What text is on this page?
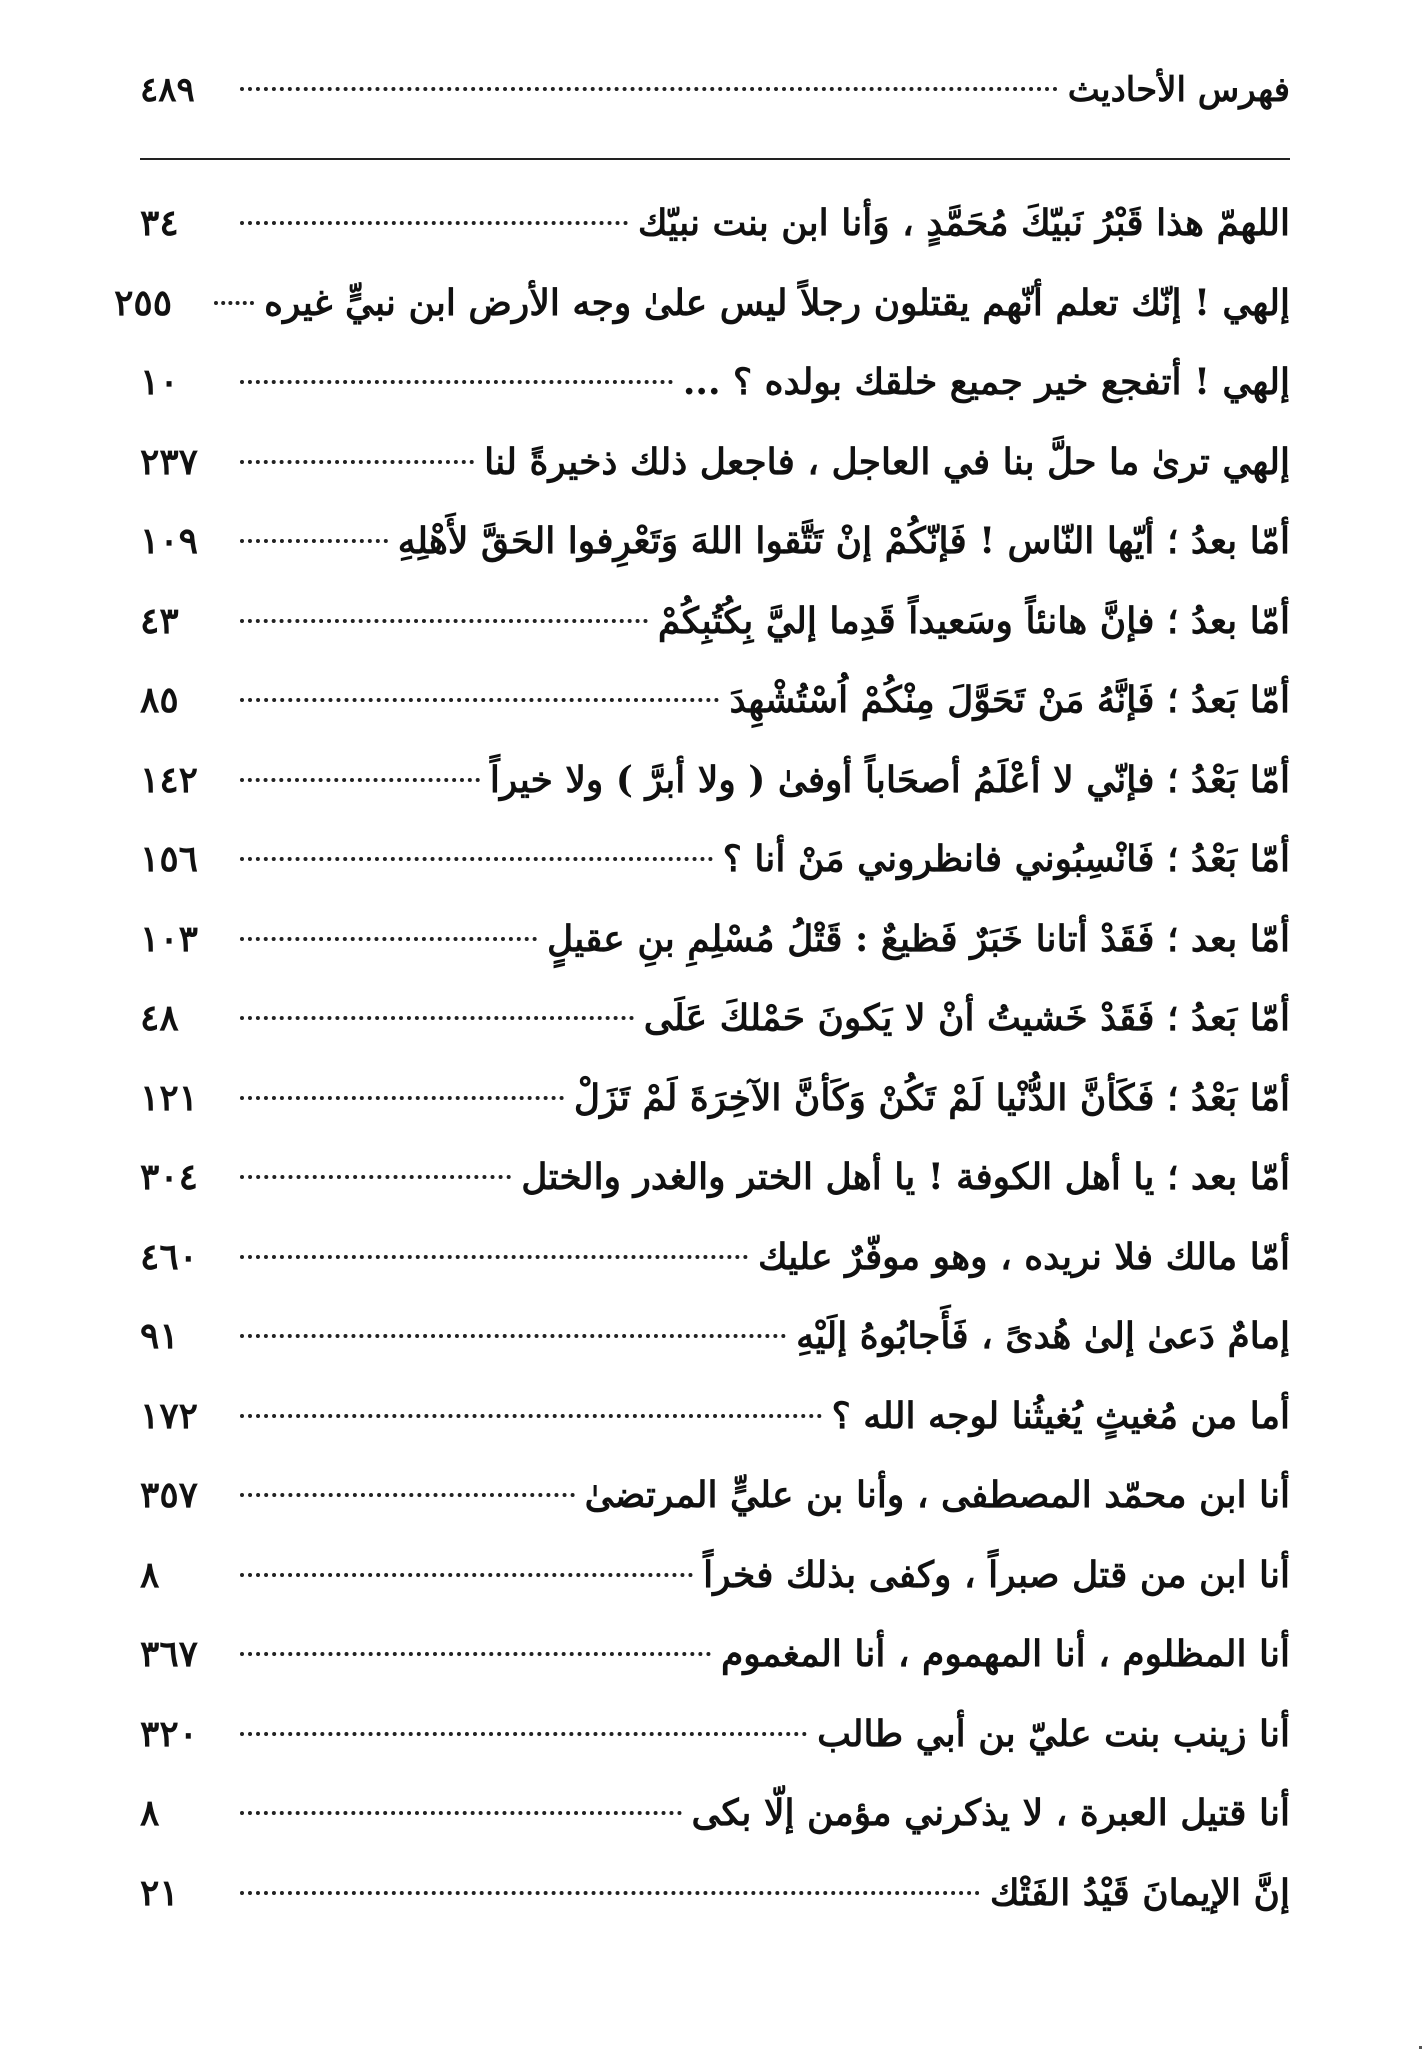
فهرس الأحاديث
٤٨٩
اللهمّ هذا قَبْرُ نَبيّكَ مُحَمَّدٍ ، وَأنا ابن بنت نبيّك
٣٤
إلهي ! إنّك تعلم أنّهم يقتلون رجلاً ليس علىٰ وجه الأرض ابن نبيٍّ غيره
٢٥٥
إلهي ! أتفجع خير جميع خلقك بولده ؟ ...
١٠
إلهي ترىٰ ما حلَّ بنا في العاجل ، فاجعل ذلك ذخيرةً لنا
٢٣٧
أمّا بعدُ ؛ أيّها النّاس ! فَإنّكُمْ إنْ تَتَّقوا اللهَ وَتَعْرِفوا الحَقَّ لأَهْلِهِ
١٠٩
أمّا بعدُ ؛ فإنَّ هانئاً وسَعيداً قَدِما إليَّ بِكُتُبِكُمْ
٤٣
أمّا بَعدُ ؛ فَإنَّهُ مَنْ تَحَوَّلَ مِنْكُمْ اُسْتُشْهِدَ
٨٥
أمّا بَعْدُ ؛ فإنّي لا أعْلَمُ أصحَاباً أوفىٰ ( ولا أبرَّ ) ولا خيراً
١٤٢
أمّا بَعْدُ ؛ فَانْسِبُوني فانظروني مَنْ أنا ؟
١٥٦
أمّا بعد ؛ فَقَدْ أتانا خَبَرٌ فَظيعٌ : قَتْلُ مُسْلِمِ بنِ عقيلٍ
١٠٣
أمّا بَعدُ ؛ فَقَدْ خَشيتُ أنْ لا يَكونَ حَمْلكَ عَلَى
٤٨
أمّا بَعْدُ ؛ فَكَأنَّ الدُّنْيا لَمْ تَكُنْ وَكَأنَّ الآخِرَةَ لَمْ تَزَلْ
١٢١
أمّا بعد ؛ يا أهل الكوفة ! يا أهل الختر والغدر والختل
٣٠٤
أمّا مالك فلا نريده ، وهو موفّرٌ عليك
٤٦٠
إمامٌ دَعىٰ إلىٰ هُدىً ، فَأَجابُوهُ إلَيْهِ
٩١
أما من مُغيثٍ يُغيثُنا لوجه الله ؟
١٧٢
أنا ابن محمّد المصطفى ، وأنا بن عليٍّ المرتضىٰ
٣٥٧
أنا ابن من قتل صبراً ، وكفى بذلك فخراً
٨
أنا المظلوم ، أنا المهموم ، أنا المغموم
٣٦٧
أنا زينب بنت عليّ بن أبي طالب
٣٢٠
أنا قتيل العبرة ، لا يذكرني مؤمن إلّا بكى
٨
إنَّ الإيمانَ قَيْدُ الفَتْك
٢١
